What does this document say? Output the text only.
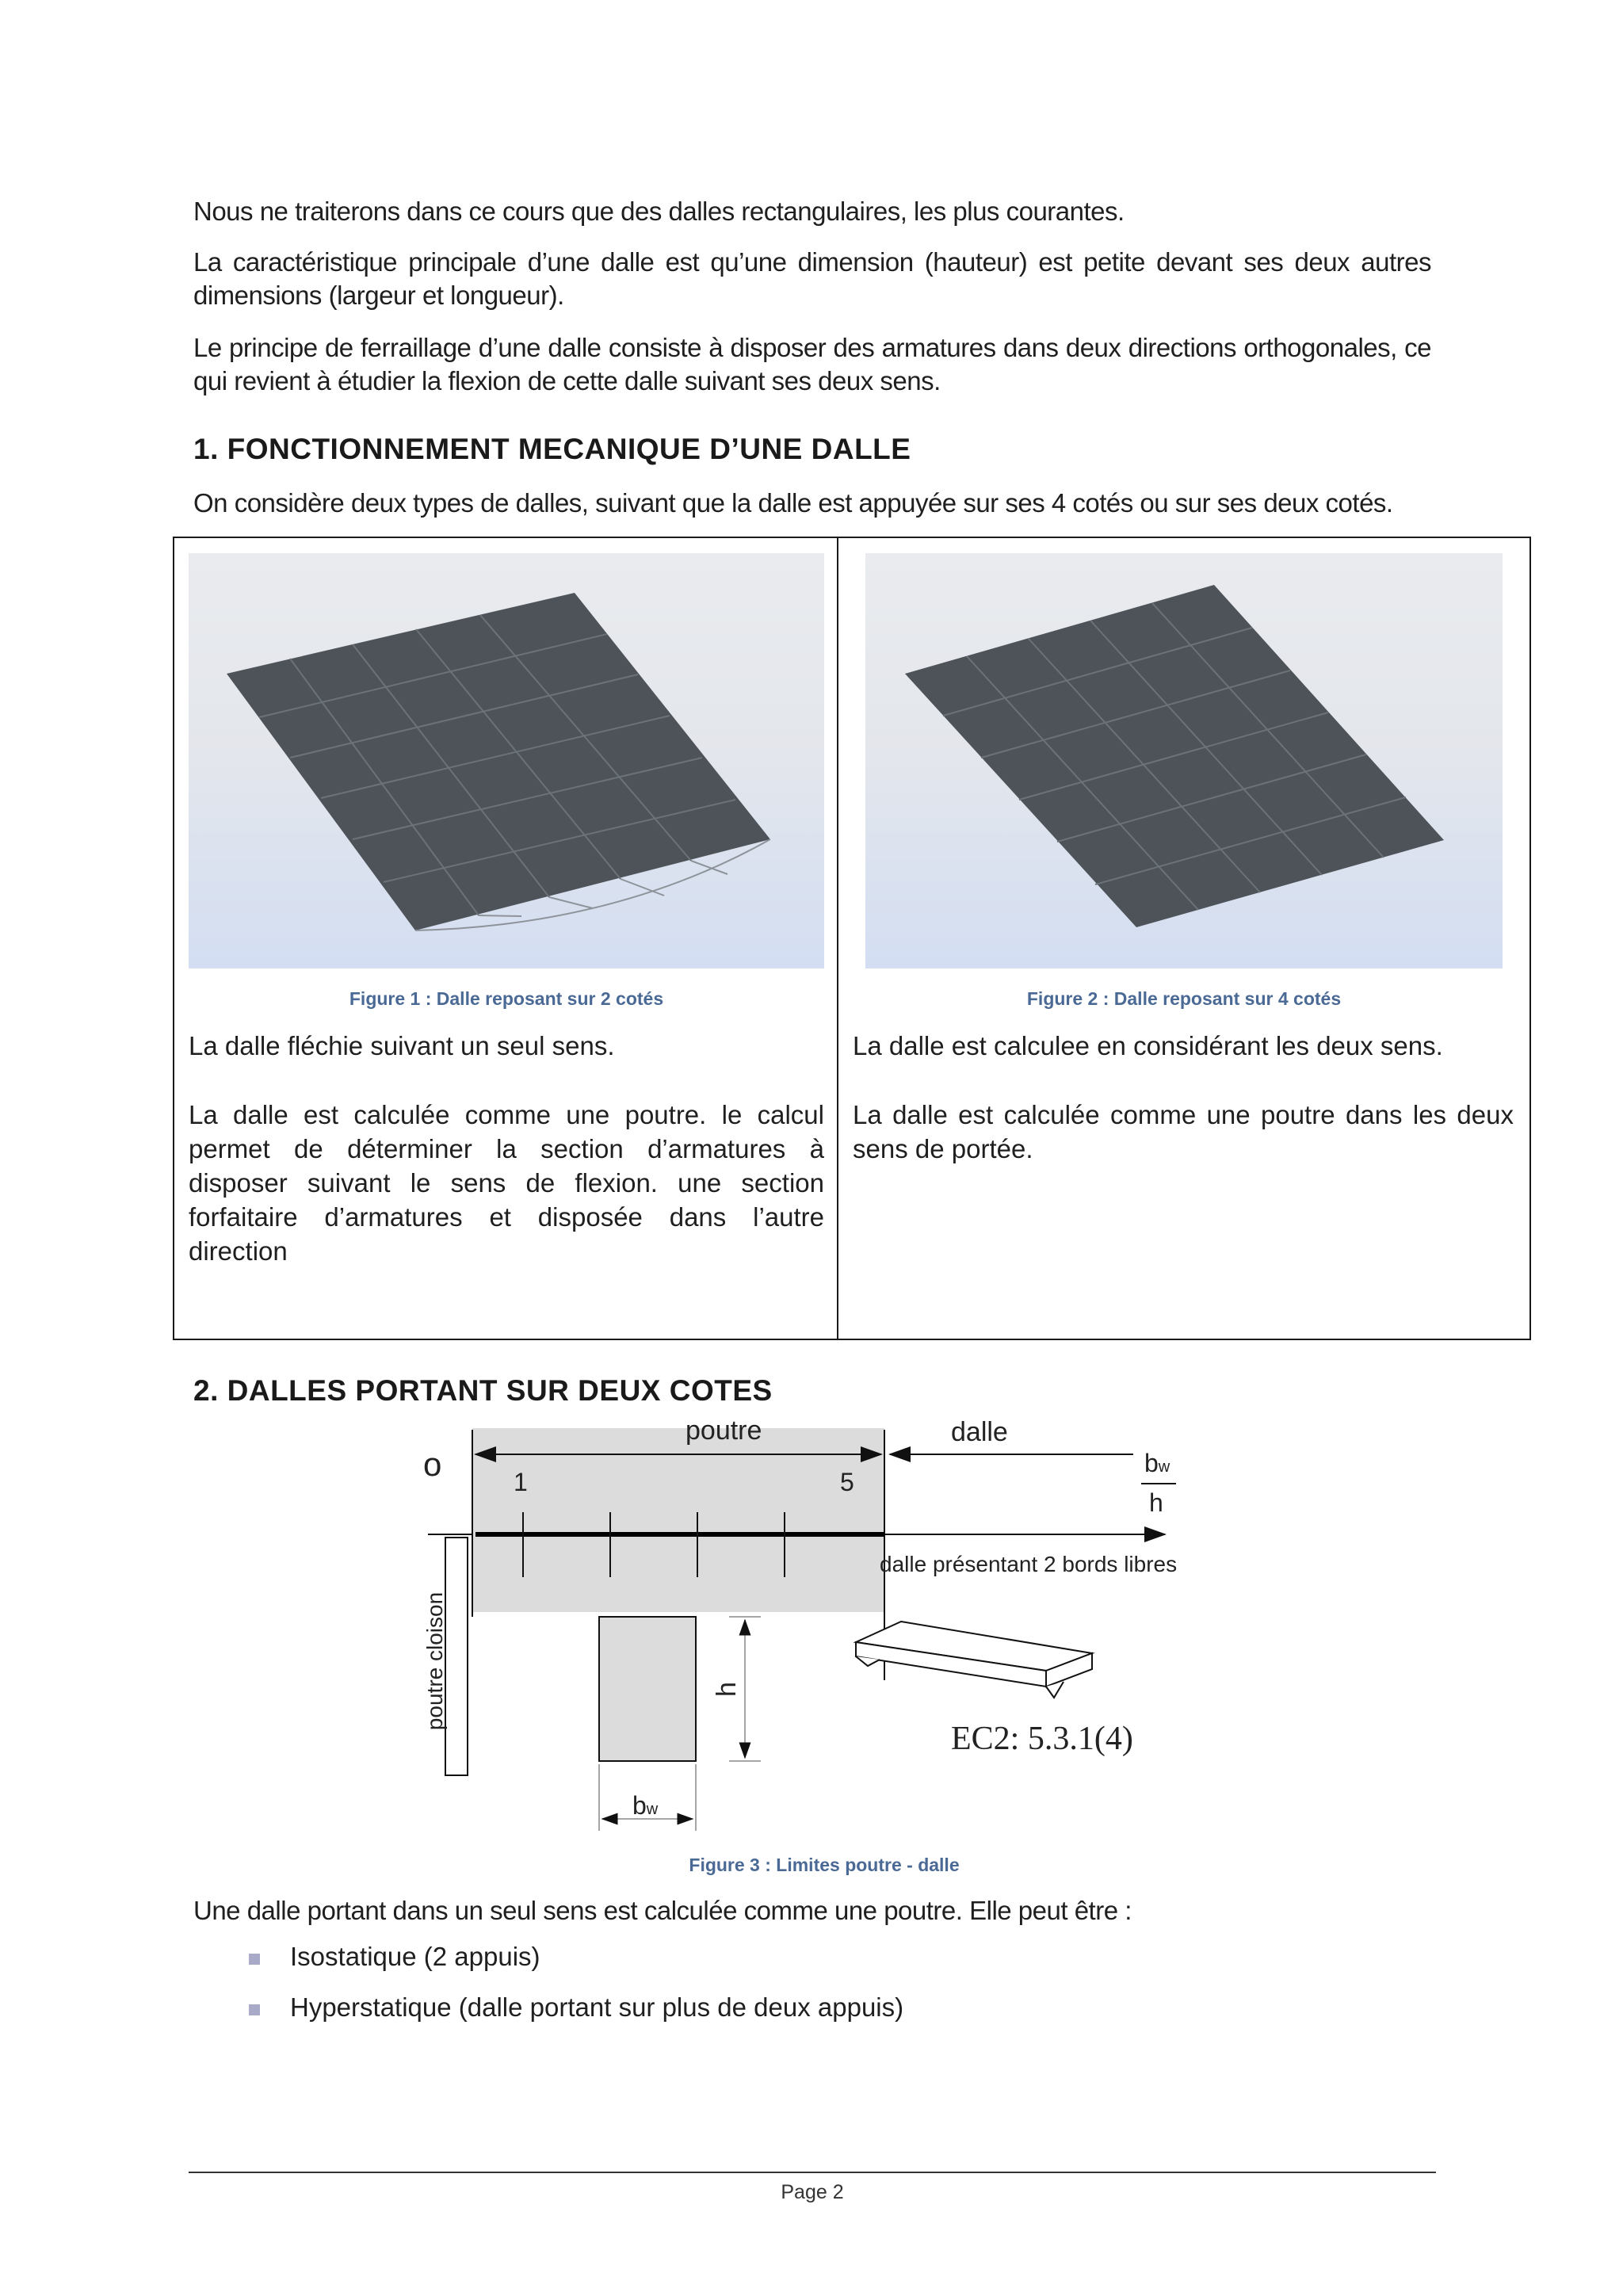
Nous ne traiterons dans ce cours que des dalles rectangulaires, les plus courantes.
La caractéristique principale d’une dalle est qu’une dimension (hauteur) est petite devant ses deux autres dimensions (largeur et longueur).
Le principe de ferraillage d’une dalle consiste à disposer des armatures dans deux directions orthogonales, ce qui revient à étudier la flexion de cette dalle suivant ses deux sens.
1. FONCTIONNEMENT MECANIQUE D’UNE DALLE
On considère deux types de dalles, suivant que la dalle est appuyée sur ses 4 cotés ou sur ses deux cotés.
Figure 1 : Dalle reposant sur 2 cotés	Figure 2 : Dalle reposant sur 4 cotés
La dalle fléchie suivant un seul sens.
La dalle est calculée comme une poutre. le calcul permet de déterminer la section d’armatures à disposer suivant le sens de flexion. une section forfaitaire d’armatures et disposée dans l’autre direction
La dalle est calculee en considérant les deux sens.
La dalle est calculée comme une poutre dans les deux sens de portée.
2. DALLES PORTANT SUR DEUX COTES
poutre	dalle
o	1	5
bw
h
dalle présentant 2 bords libres
poutre cloison
EC2: 5.3.1(4)
h
bw
Figure 3 : Limites poutre - dalle
Une dalle portant dans un seul sens est calculée comme une poutre. Elle peut être :
Isostatique (2 appuis)
Hyperstatique (dalle portant sur plus de deux appuis)
Page 2
